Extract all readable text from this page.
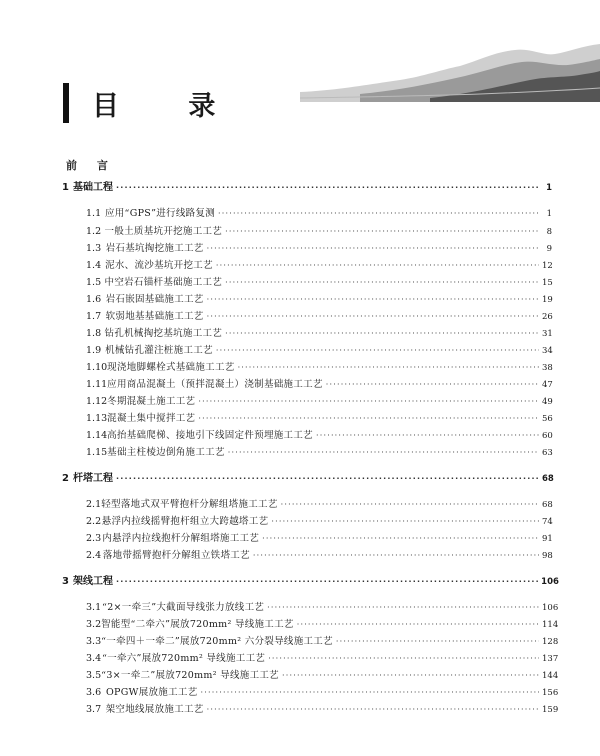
目 录
前 言
1 基础工程 ·····	1
1.1 应用“GPS”进行线路复测 ·····	1
1.2 一般土质基坑开挖施工工艺 ·····	8
1.3 岩石基坑掏挖施工工艺 ·····	9
1.4 泥水、流沙基坑开挖工艺 ·····	12
1.5 中空岩石锚杆基础施工工艺 ·····	15
1.6 岩石嵌固基础施工工艺 ·····	19
1.7 软弱地基基础施工工艺 ·····	26
1.8 钻孔机械掏挖基坑施工工艺 ·····	31
1.9 机械钻孔灌注桩施工工艺 ·····	34
1.10 现浇地脚螺栓式基础施工工艺 ·····	38
1.11 应用商品混凝土（预拌混凝土）浇制基础施工工艺 ·····	47
1.12 冬期混凝土施工工艺 ·····	49
1.13 混凝土集中搅拌工艺 ·····	56
1.14 高抬基础爬梯、接地引下线固定件预埋施工工艺 ·····	60
1.15 基础主柱棱边倒角施工工艺 ·····	63
2 杆塔工程 ·····	68
2.1 轻型落地式双平臂抱杆分解组塔施工工艺 ·····	68
2.2 悬浮内拉线摇臂抱杆组立大跨越塔工艺 ·····	74
2.3 内悬浮内拉线抱杆分解组塔施工工艺 ·····	91
2.4 落地带摇臂抱杆分解组立铁塔工艺 ·····	98
3 架线工程 ·····	106
3.1 “2×一牵三”大截面导线张力放线工艺 ·····	106
3.2 智能型“二牵六”展放720mm² 导线施工工艺 ·····	114
3.3 “一牵四＋一牵二”展放720mm² 六分裂导线施工工艺 ·····	128
3.4 “一牵六”展放720mm² 导线施工工艺 ·····	137
3.5 “3×一牵二”展放720mm² 导线施工工艺 ·····	144
3.6 OPGW展放施工工艺 ·····	156
3.7 架空地线展放施工工艺 ·····	159
